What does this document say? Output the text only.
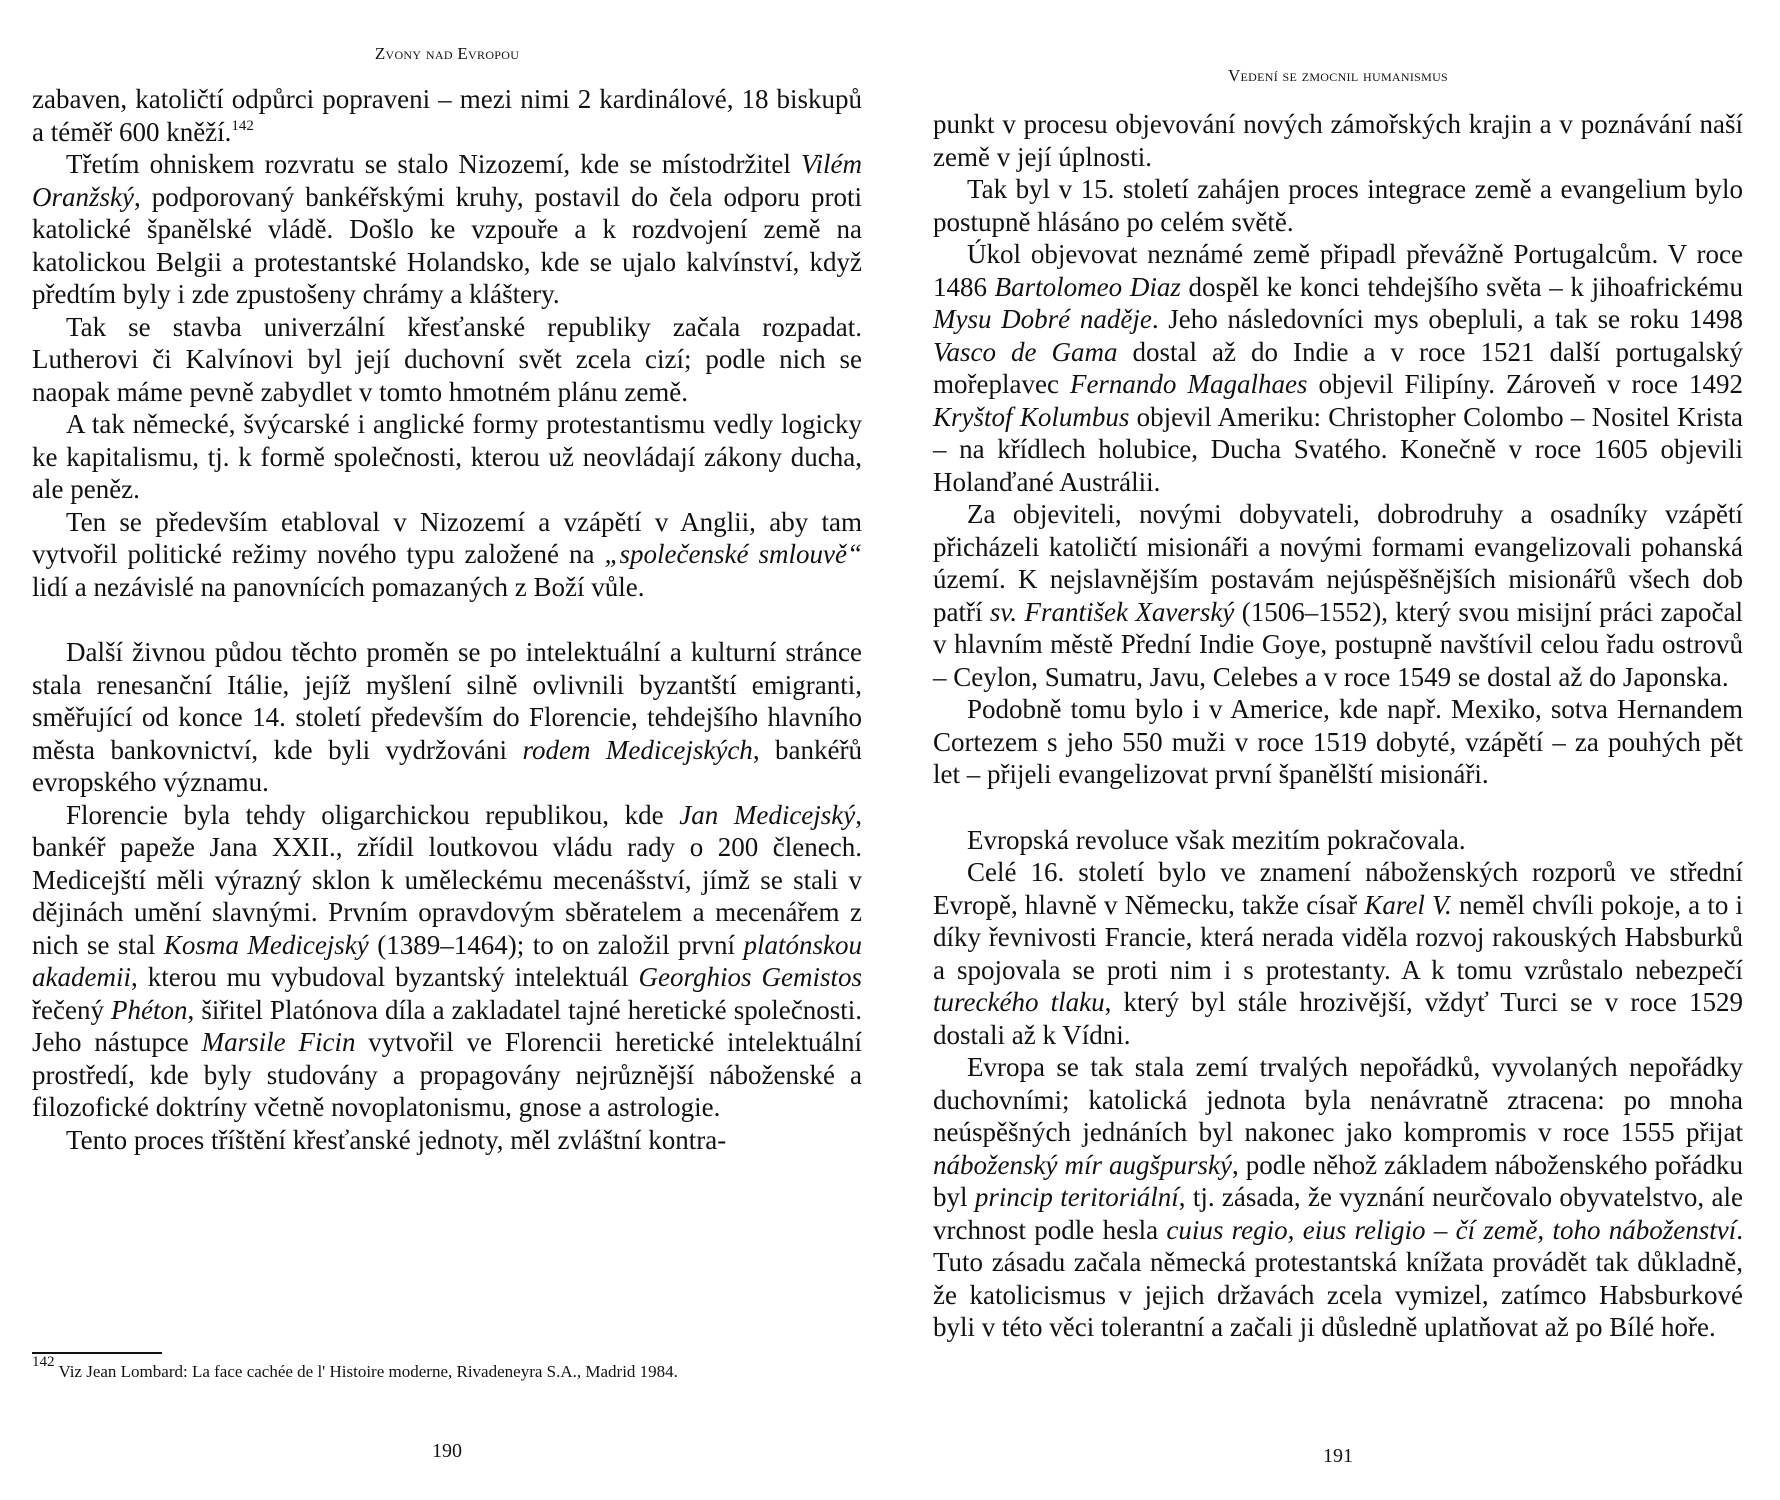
Zvony nad Evropou

zabaven, katoličtí odpůrci popraveni – mezi nimi 2 kardinálové, 18 biskupů a téměř 600 kněží.$^{142}$

Třetím ohniskem rozvratu se stalo Nizozemí, kde se místodržitel Vilém Oranžský, podporovaný bankéřskými kruhy, postavil do čela odporu proti katolické španělské vládě. Došlo ke vzpouře a k rozdvojení země na katolickou Belgii a protestantské Holandsko, kde se ujalo kalvínství, když předtím byly i zde zpustošeny chrámy a kláštery.

Tak se stavba univerzální křesťanské republiky začala rozpadat. Lutherovi či Kalvínovi byl její duchovní svět zcela cizí; podle nich se naopak máme pevně zabydlet v tomto hmotném plánu země.

A tak německé, švýcarské i anglické formy protestantismu vedly logicky ke kapitalismu, tj. k formě společnosti, kterou už neovládají zákony ducha, ale peněz.

Ten se především etabloval v Nizozemí a vzápětí v Anglii, aby tam vytvořil politické režimy nového typu založené na „společenské smlouvě“ lidí a nezávislé na panovnících pomazaných z Boží vůle.

Další živnou půdou těchto proměn se po intelektuální a kulturní stránce stala renesanční Itálie, jejíž myšlení silně ovlivnili byzantští emigranti, směřující od konce 14. století především do Florencie, tehdejšího hlavního města bankovnictví, kde byli vydržováni rodem Medicejských, bankéřů evropského významu.

Florencie byla tehdy oligarchickou republikou, kde Jan Medicejský, bankéř papeže Jana XXII., zřídil loutkovou vládu rady o 200 členech. Medicejští měli výrazný sklon k uměleckému mecenášství, jímž se stali v dějinách umění slavnými. Prvním opravdovým sběratelem a mecenářem z nich se stal Kosma Medicejský (1389–1464); to on založil první platónskou akademii, kterou mu vybudoval byzantský intelektuál Georghios Gemistos řečený Phéton, šiřitel Platónova díla a zakladatel tajné heretické společnosti. Jeho nástupce Marsile Ficin vytvořil ve Florencii heretické intelektuální prostředí, kde byly studovány a propagovány nejrůznější náboženské a filozofické doktríny včetně novoplatonismu, gnose a astrologie.

Tento proces tříštění křesťanské jednoty, měl zvláštní kontra-

$^{142}$ Viz Jean Lombard: La face cachée de l' Histoire moderne, Rivadeneyra S.A., Madrid 1984.
190
Vedení se zmocnil humanismus

punkt v procesu objevování nových zámořských krajin a v poznávání naší země v její úplnosti.

Tak byl v 15. století zahájen proces integrace země a evangelium bylo postupně hlásáno po celém světě.

Úkol objevovat neznámé země připadl převážně Portugalcům. V roce 1486 Bartolomeo Diaz dospěl ke konci tehdejšího světa – k jihoafrickému Mysu Dobré naděje. Jeho následovníci mys obepluli, a tak se roku 1498 Vasco de Gama dostal až do Indie a v roce 1521 další portugalský mořeplavec Fernando Magalhaes objevil Filipíny. Zároveň v roce 1492 Kryštof Kolumbus objevil Ameriku: Christopher Colombo – Nositel Krista – na křídlech holubice, Ducha Svatého. Konečně v roce 1605 objevili Holanďané Austrálii.

Za objeviteli, novými dobyvateli, dobrodruhy a osadníky vzápětí přicházeli katoličtí misionáři a novými formami evangelizovali pohanská území. K nejslavnějším postavám nejúspěšnějších misionářů všech dob patří sv. František Xaverský (1506–1552), který svou misijní práci započal v hlavním městě Přední Indie Goye, postupně navštívil celou řadu ostrovů – Ceylon, Sumatru, Javu, Celebes a v roce 1549 se dostal až do Japonska.

Podobně tomu bylo i v Americe, kde např. Mexiko, sotva Hernandem Cortezem s jeho 550 muži v roce 1519 dobyté, vzápětí – za pouhých pět let – přijeli evangelizovat první španělští misionáři.

Evropská revoluce však mezitím pokračovala.

Celé 16. století bylo ve znamení náboženských rozporů ve střední Evropě, hlavně v Německu, takže císař Karel V. neměl chvíli pokoje, a to i díky řevnivosti Francie, která nerada viděla rozvoj rakouských Habsburků a spojovala se proti nim i s protestanty. A k tomu vzrůstalo nebezpečí tureckého tlaku, který byl stále hrozivější, vždyť Turci se v roce 1529 dostali až k Vídni.

Evropa se tak stala zemí trvalých nepořádků, vyvolaných nepořádky duchovními; katolická jednota byla nenávratně ztracena: po mnoha neúspěšných jednáních byl nakonec jako kompromis v roce 1555 přijat náboženský mír augšpurský, podle něhož základem náboženského pořádku byl princip teritoriální, tj. zásada, že vyznání neurčovalo obyvatelstvo, ale vrchnost podle hesla cuius regio, eius religio – čí země, toho náboženství. Tuto zásadu začala německá protestantská knížata provádět tak důkladně, že katolicismus v jejich državách zcela vymizel, zatímco Habsburkové byli v této věci tolerantní a začali ji důsledně uplatňovat až po Bílé hoře.

191
